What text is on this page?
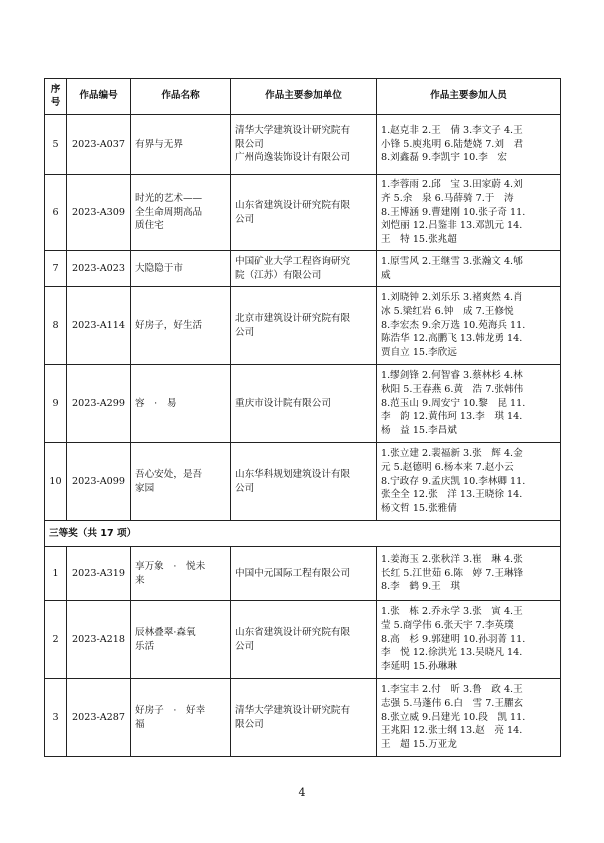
序号	作品编号	作品名称	作品主要参加单位	作品主要参加人员
5	2023-A037	有界与无界	清华大学建筑设计研究院有
限公司
广州尚逸装饰设计有限公司	1.赵克非 2.王　倩 3.李文子 4.王
小锋 5.庾兆明 6.陆楚娆 7.刘　君
8.刘鑫磊 9.李凯宇 10.李　宏

6	2023-A309	时光的艺术——
全生命周期高品
质住宅	山东省建筑设计研究院有限
公司	1.李蓉雨 2.邱　宝 3.田家蔚 4.刘
齐 5.余　泉 6.马薛骑 7.于　涛
8.王博涵 9.曹建刚 10.张子奇 11.
刘恺丽 12.吕鉴非 13.邓凯元 14.
王　特 15.张兆超

7	2023-A023	大隐隐于市	中国矿业大学工程咨询研究
院（江苏）有限公司	1.原雪风 2.王继雪 3.张瀚文 4.郇
威

8	2023-A114	好房子，好生活	北京市建筑设计研究院有限
公司	1.刘晓钟 2.刘乐乐 3.褚爽然 4.肖
冰 5.梁红岩 6.钟　成 7.王修悦
8.李宏杰 9.余万选 10.苑海兵 11.
陈浩华 12.高鹏飞 13.韩龙勇 14.
贾自立 15.李欣远

9	2023-A299	容　·　易	重庆市设计院有限公司	1.缪剑锋 2.何智睿 3.蔡林杉 4.林
秋阳 5.王春燕 6.黄　浩 7.张韩伟
8.范玉山 9.周安宁 10.黎　昆 11.
李　韵 12.黄伟珂 13.李　琪 14.
杨　益 15.李昌斌

10	2023-A099	吾心安处，是吾
家园	山东华科规划建筑设计有限
公司	1.张立建 2.裴福新 3.张　辉 4.金
元 5.赵德明 6.杨本来 7.赵小云
8.宁政存 9.孟庆凯 10.李林卿 11.
张全全 12.张　洋 13.王晓徐 14.
杨文哲 15.张雅倩

三等奖（共 17 项）				
1	2023-A319	享万象　·　悦未
来	中国中元国际工程有限公司	1.姜海玉 2.张秋洋 3.崔　琳 4.张
长红 5.江世茹 6.陈　婷 7.王琳锋
8.李　鹤 9.王　琪

2	2023-A218	辰林叠翠·森氧
乐活	山东省建筑设计研究院有限
公司	1.张　栋 2.乔永学 3.张　寅 4.王
莹 5.商学伟 6.张天宇 7.李英璞
8.高　杉 9.郭建明 10.孙羽菁 11.
李　悦 12.徐洪光 13.吴晓凡 14.
李延明 15.孙琳琳

3	2023-A287	好房子　·　好幸
福	清华大学建筑设计研究院有
限公司	1.李宝丰 2.付　昕 3.鲁　政 4.王
志强 5.马蓬伟 6.白　雪 7.王臞玄
8.张立威 9.吕建光 10.段　凯 11.
王兆阳 12.张士纲 13.赵　亮 14.
王　超 15.万亚龙
4
